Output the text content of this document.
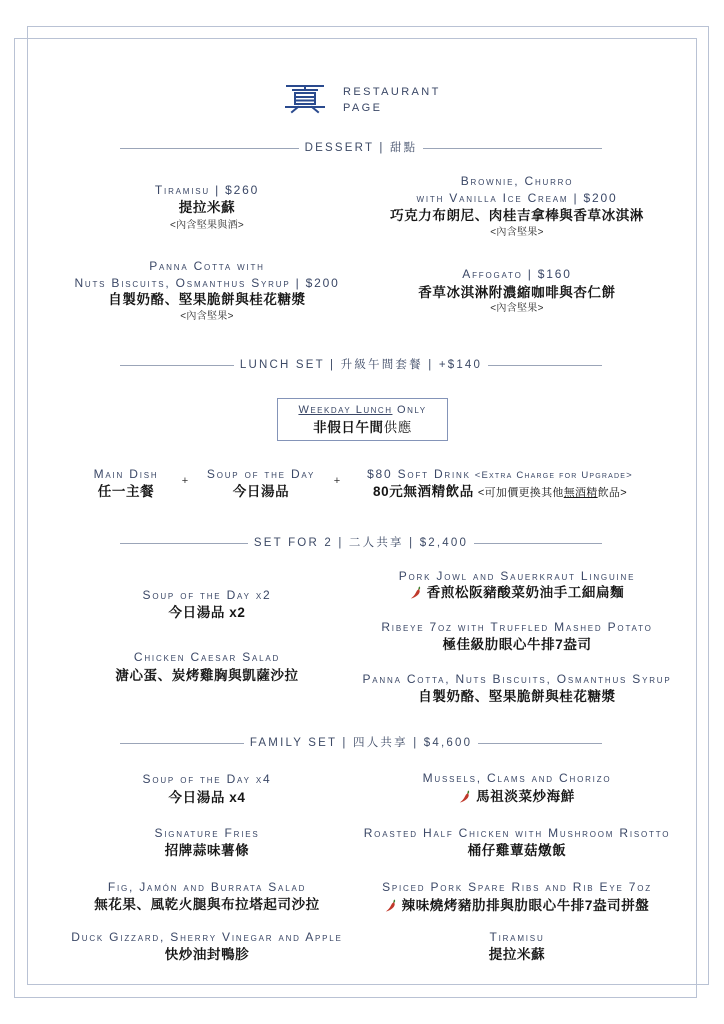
RESTAURANT
PAGE
DESSERT | 甜點
Tiramisu | $260
提拉米蘇
<內含堅果與酒>
Panna Cotta with
Nuts Biscuits, Osmanthus Syrup | $200
自製奶酪、堅果脆餅與桂花糖漿
<內含堅果>
Brownie, Churro
with Vanilla Ice Cream | $200
巧克力布朗尼、肉桂吉拿棒與香草冰淇淋
<內含堅果>
Affogato | $160
香草冰淇淋附濃縮咖啡與杏仁餅
<內含堅果>
LUNCH SET | 升級午間套餐 | +$140
Weekday Lunch Only
非假日午間供應
Main Dish
任一主餐
+	Soup of the Day
今日湯品
+	$80 Soft Drink <Extra Charge for Upgrade>
80元無酒精飲品 <可加價更換其他無酒精飲品>
SET FOR 2 | 二人共享 | $2,400
Soup of the Day x2
今日湯品 x2
Chicken Caesar Salad
溏心蛋、炭烤雞胸與凱薩沙拉
Pork Jowl and Sauerkraut Linguine
香煎松阪豬酸菜奶油手工細扁麵
Ribeye 7oz with Truffled Mashed Potato
極佳級肋眼心牛排7盎司
Panna Cotta, Nuts Biscuits, Osmanthus Syrup
自製奶酪、堅果脆餅與桂花糖漿
FAMILY SET | 四人共享 | $4,600
Soup of the Day x4
今日湯品 x4
Signature Fries
招牌蒜味薯條
Fig, Jamón and Burrata Salad
無花果、風乾火腿與布拉塔起司沙拉
Duck Gizzard, Sherry Vinegar and Apple
快炒油封鴨胗
Mussels, Clams and Chorizo
馬祖淡菜炒海鮮
Roasted Half Chicken with Mushroom Risotto
桶仔雞蕈菇燉飯
Spiced Pork Spare Ribs and Rib Eye 7oz
辣味燒烤豬肋排與肋眼心牛排7盎司拼盤
Tiramisu
提拉米蘇
